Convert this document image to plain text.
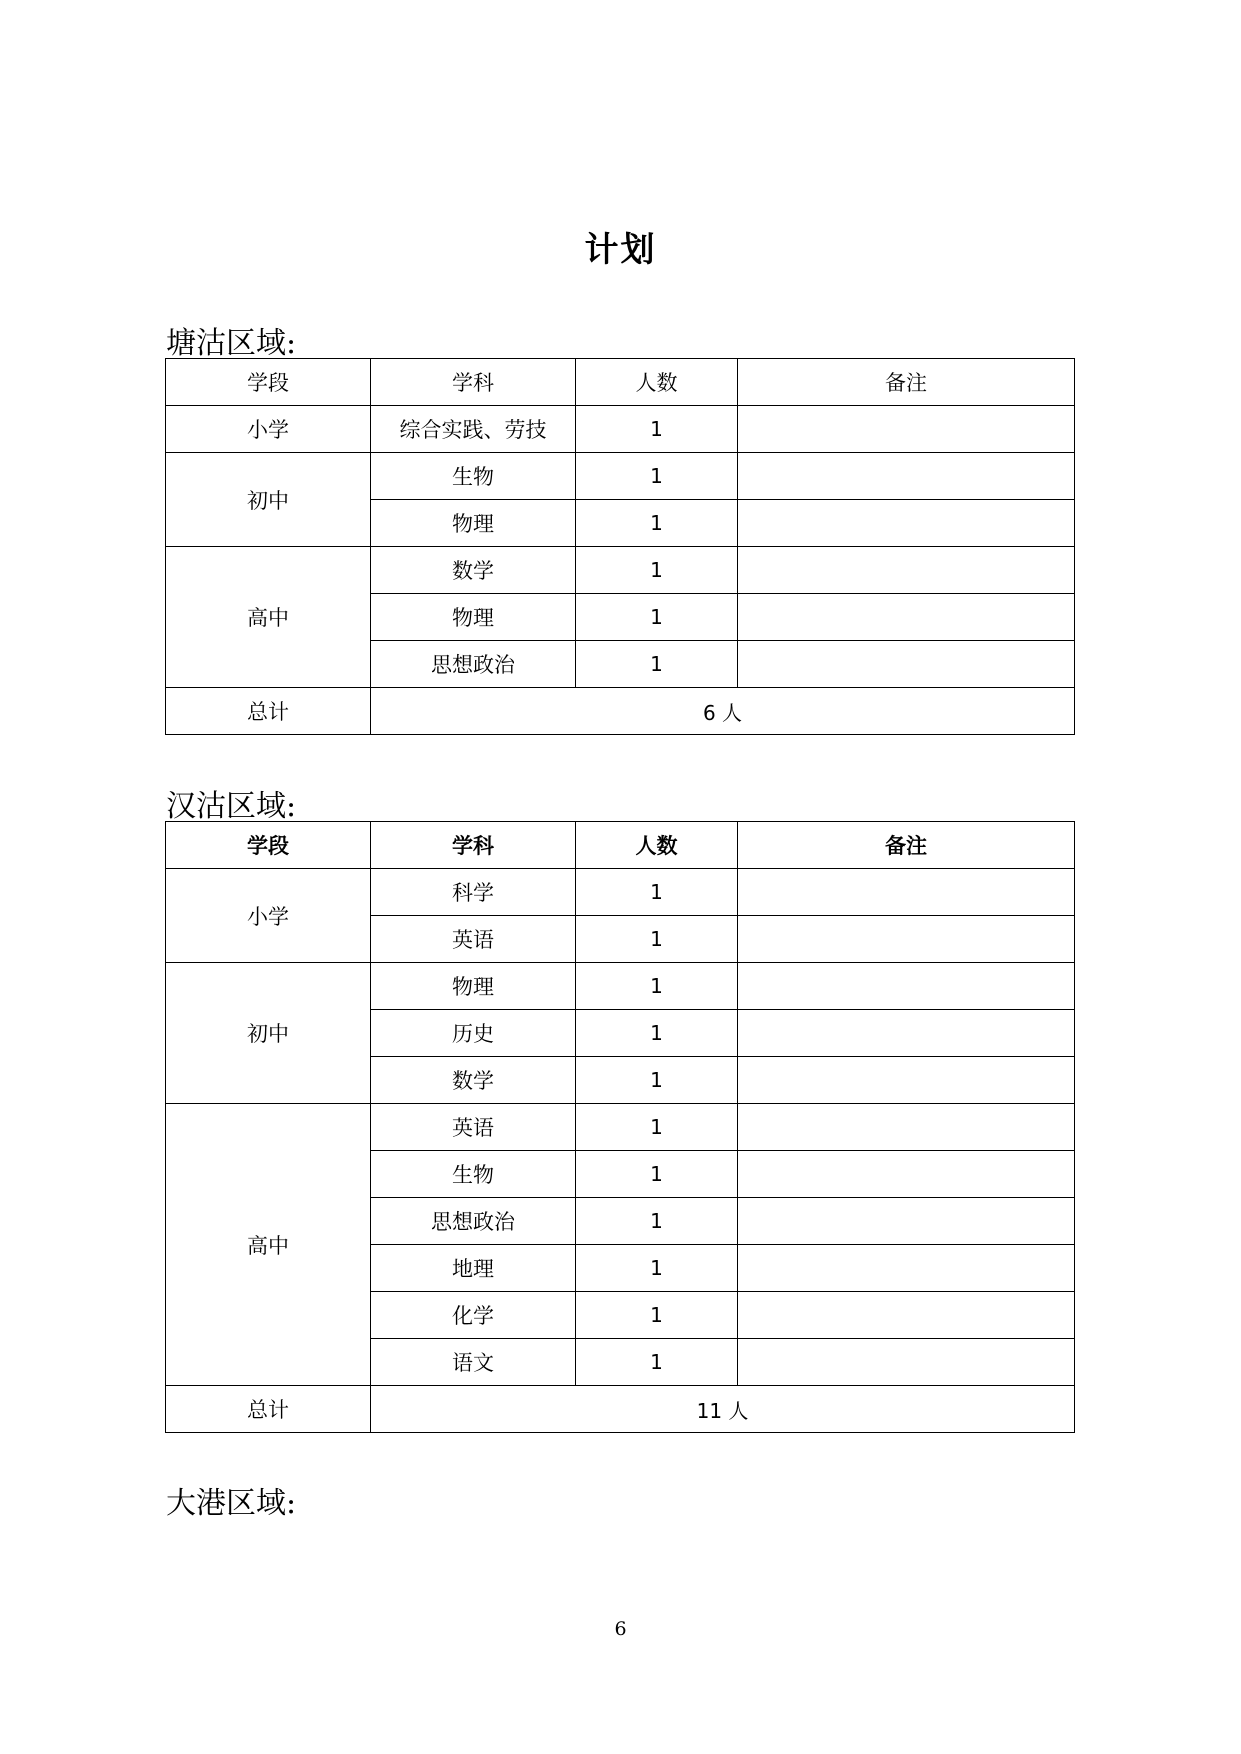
计划
塘沽区域:
学段	学科	人数	备注
小学	综合实践、劳技	1	
初中	生物	1	
	物理	1	
高中	数学	1	
	物理	1	
	思想政治	1	
总计	6 人		
汉沽区域:
学段	学科	人数	备注
小学	科学	1	
	英语	1	
初中	物理	1	
	历史	1	
	数学	1	
高中	英语	1	
	生物	1	
	思想政治	1	
	地理	1	
	化学	1	
	语文	1	
总计	11 人		
大港区域:
6
